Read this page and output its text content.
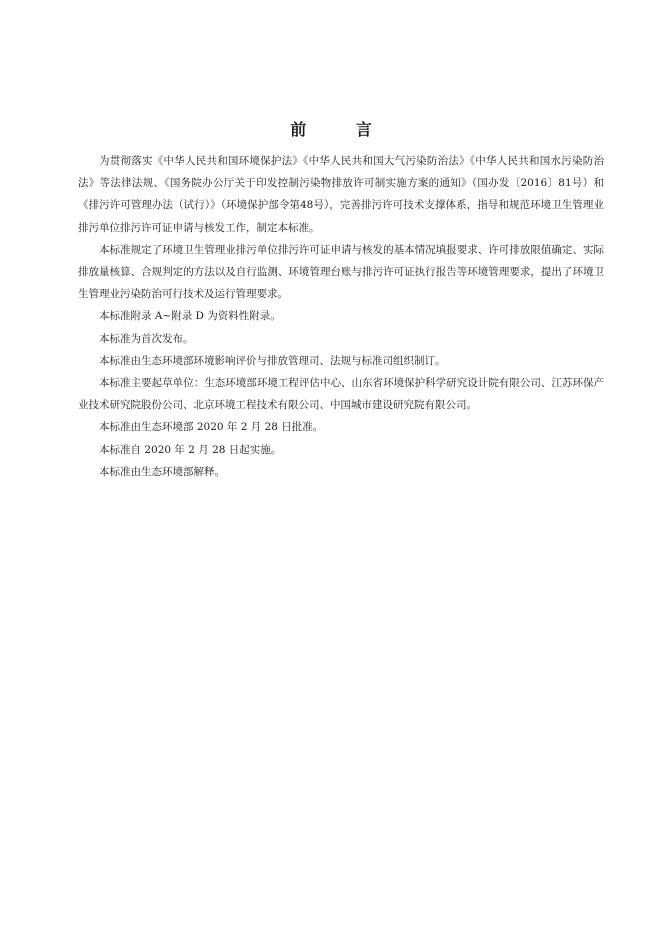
前 言

为贯彻落实《中华人民共和国环境保护法》《中华人民共和国大气污染防治法》《中华人民共和国水污染防治法》等法律法规、《国务院办公厅关于印发控制污染物排放许可制实施方案的通知》（国办发〔2016〕81号）和《排污许可管理办法（试行）》（环境保护部令第48号），完善排污许可技术支撑体系，指导和规范环境卫生管理业排污单位排污许可证申请与核发工作，制定本标准。

本标准规定了环境卫生管理业排污单位排污许可证申请与核发的基本情况填报要求、许可排放限值确定、实际排放量核算、合规判定的方法以及自行监测、环境管理台账与排污许可证执行报告等环境管理要求，提出了环境卫生管理业污染防治可行技术及运行管理要求。

本标准附录 A~附录 D 为资料性附录。

本标准为首次发布。

本标准由生态环境部环境影响评价与排放管理司、法规与标准司组织制订。

本标准主要起草单位：生态环境部环境工程评估中心、山东省环境保护科学研究设计院有限公司、江苏环保产业技术研究院股份公司、北京环境工程技术有限公司、中国城市建设研究院有限公司。

本标准由生态环境部 2020 年 2 月 28 日批准。

本标准自 2020 年 2 月 28 日起实施。

本标准由生态环境部解释。
